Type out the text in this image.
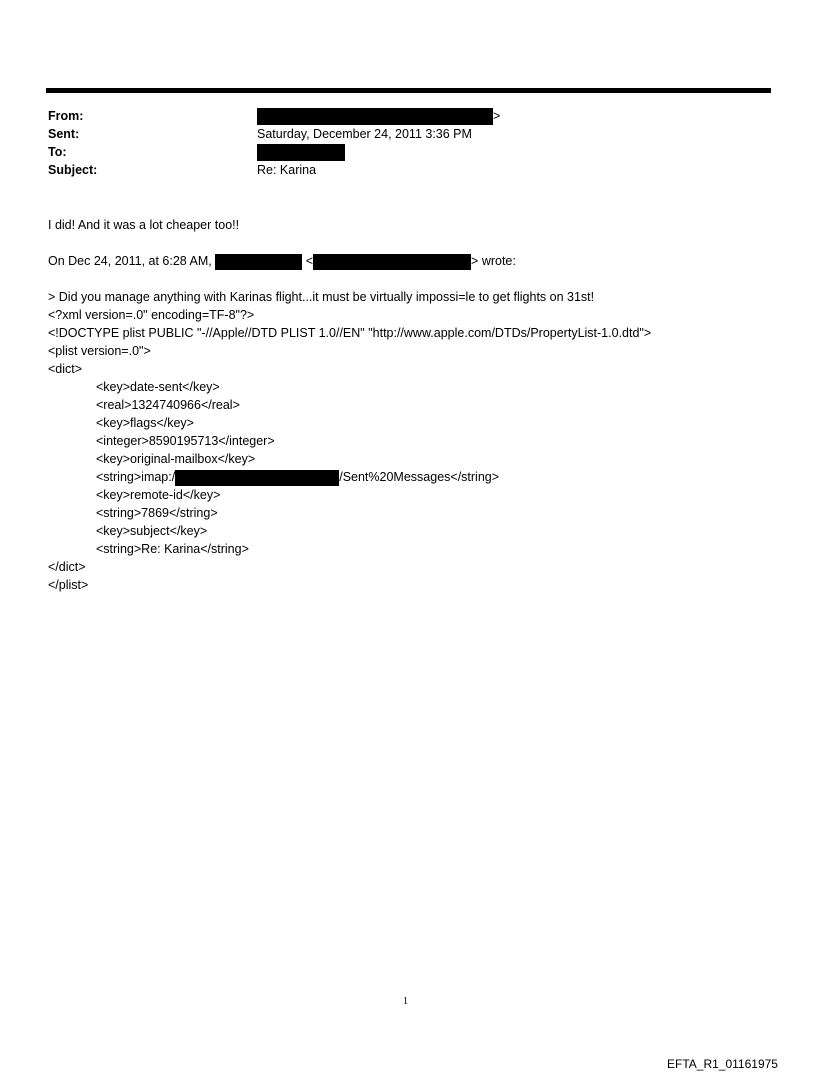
From:	>
Sent:	Saturday, December 24, 2011 3:36 PM
To:
Subject:	Re: Karina
I did! And it was a lot cheaper too!!
On Dec 24, 2011, at 6:28 AM,	<	> wrote:
> Did you manage anything with Karinas flight...it must be virtually impossi=le to get flights on 31st!
<?xml version=.0" encoding=TF-8"?>
<!DOCTYPE plist PUBLIC "-//Apple//DTD PLIST 1.0//EN" "http://www.apple.com/DTDs/PropertyList-1.0.dtd">
<plist version=.0">
<dict>
<key>date-sent</key>
<real>1324740966</real>
<key>flags</key>
<integer>8590195713</integer>
<key>original-mailbox</key>
<string>imap:/	/Sent%20Messages</string>
<key>remote-id</key>
<string>7869</string>
<key>subject</key>
<string>Re: Karina</string>
</dict>
</plist>
1
EFTA_R1_01161975
